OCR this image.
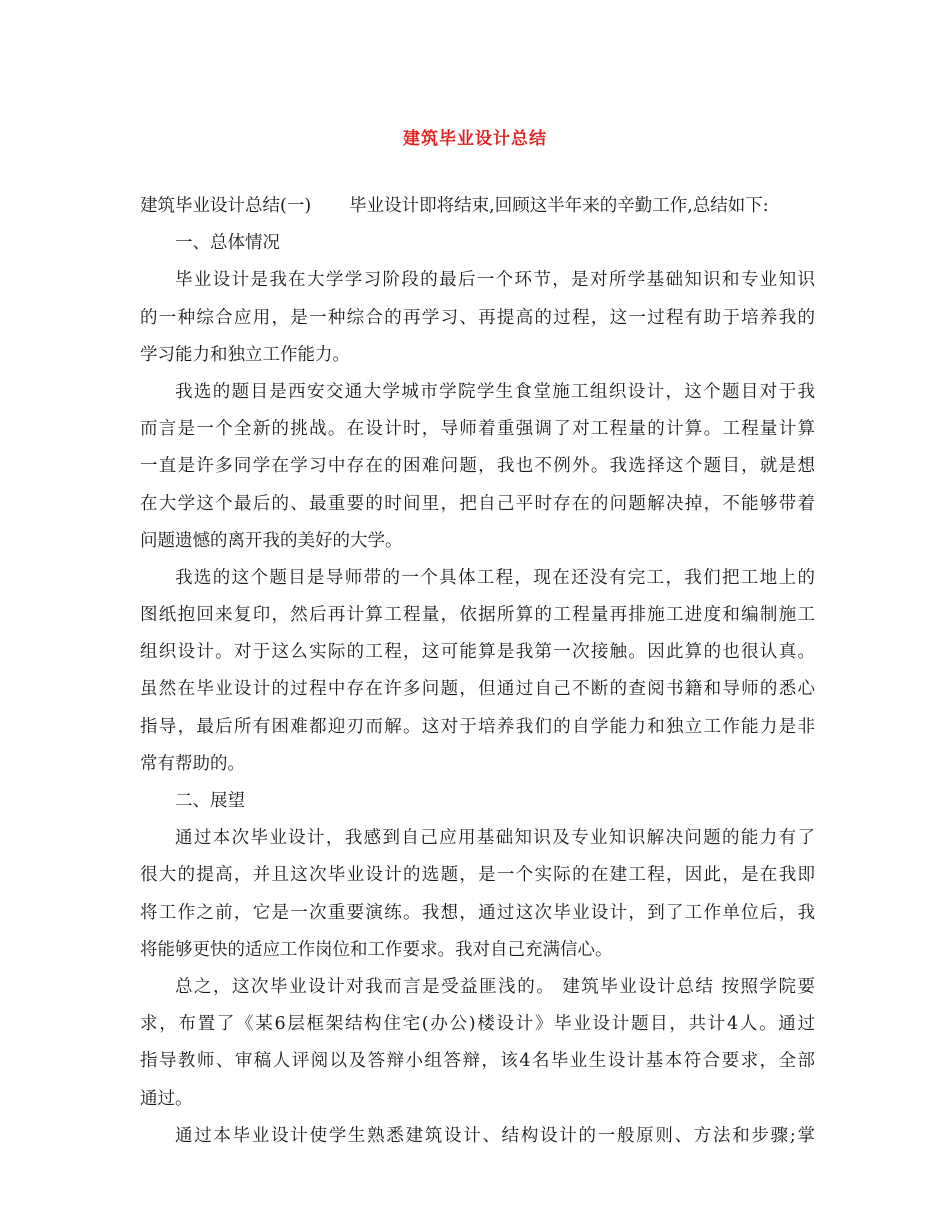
建筑毕业设计总结
建筑毕业设计总结(一) 毕业设计即将结束,回顾这半年来的辛勤工作,总结如下:
一、总体情况
毕业设计是我在大学学习阶段的最后一个环节，是对所学基础知识和专业知识
的一种综合应用，是一种综合的再学习、再提高的过程，这一过程有助于培养我的
学习能力和独立工作能力。
我选的题目是西安交通大学城市学院学生食堂施工组织设计，这个题目对于我
而言是一个全新的挑战。在设计时，导师着重强调了对工程量的计算。工程量计算
一直是许多同学在学习中存在的困难问题，我也不例外。我选择这个题目，就是想
在大学这个最后的、最重要的时间里，把自己平时存在的问题解决掉，不能够带着
问题遗憾的离开我的美好的大学。
我选的这个题目是导师带的一个具体工程，现在还没有完工，我们把工地上的
图纸抱回来复印，然后再计算工程量，依据所算的工程量再排施工进度和编制施工
组织设计。对于这么实际的工程，这可能算是我第一次接触。因此算的也很认真。
虽然在毕业设计的过程中存在许多问题，但通过自己不断的查阅书籍和导师的悉心
指导，最后所有困难都迎刃而解。这对于培养我们的自学能力和独立工作能力是非
常有帮助的。
二、展望
通过本次毕业设计，我感到自己应用基础知识及专业知识解决问题的能力有了
很大的提高，并且这次毕业设计的选题，是一个实际的在建工程，因此，是在我即
将工作之前，它是一次重要演练。我想，通过这次毕业设计，到了工作单位后，我
将能够更快的适应工作岗位和工作要求。我对自己充满信心。
总之，这次毕业设计对我而言是受益匪浅的。 建筑毕业设计总结 按照学院要
求，布置了《某6层框架结构住宅(办公)楼设计》毕业设计题目，共计4人。通过
指导教师、审稿人评阅以及答辩小组答辩，该4名毕业生设计基本符合要求，全部
通过。
通过本毕业设计使学生熟悉建筑设计、结构设计的一般原则、方法和步骤;掌
